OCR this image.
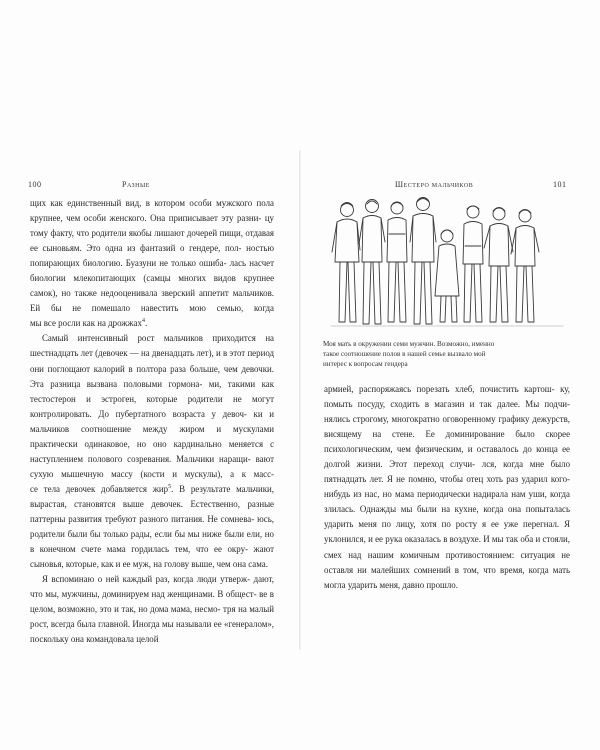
100	Разные

щих как единственный вид, в котором особи мужского пола крупнее, чем особи женского. Она приписывает эту разни- цу тому факту, что родители якобы лишают дочерей пищи, отдавая ее сыновьям. Это одна из фантазий о гендере, пол- ностью попирающих биологию. Буазуни не только ошиба- лась насчет биологии млекопитающих (самцы многих видов крупнее самок), но также недооценивала зверский аппетит мальчиков. Ей бы не помешало навестить мою семью, когда мы все росли как на дрожжах$^4$.

Самый интенсивный рост мальчиков приходится на шестнадцать лет (девочек — на двенадцать лет), и в этот период они поглощают калорий в полтора раза больше, чем девочки. Эта разница вызвана половыми гормона- ми, такими как тестостерон и эстроген, которые родители не могут контролировать. До пубертатного возраста у девоч- ки и мальчиков соотношение между жиром и мускулами практически одинаковое, но оно кардинально меняется с наступлением полового созревания. Мальчики наращи- вают сухую мышечную массу (кости и мускулы), а к масс- се тела девочек добавляется жир$^5$. В результате мальчики, вырастая, становятся выше девочек. Естественно, разные паттерны развития требуют разного питания. Не сомнева- юсь, родители были бы только рады, если бы мы ниже были ели, но в конечном счете мама гордилась тем, что ее окру- жают сыновья, которые, как и ее муж, на голову выше, чем она сама.

Я вспоминаю о ней каждый раз, когда люди утверж- дают, что мы, мужчины, доминируем над женщинами. В общест- ве в целом, возможно, это и так, но дома мама, несмо- тря на малый рост, всегда была главной. Иногда мы называли ее «генералом», поскольку она командовала целой

Шестеро мальчиков	101
Моя мать в окружении семи мужчин. Возможно, именно такое соотношение полов в нашей семье вызвало мой интерес к вопросам гендера

армией, распоряжаясь порезать хлеб, почистить картош- ку, помыть посуду, сходить в магазин и так далее. Мы подчи- нялись строгому, многократно оговоренному графику дежурств, висящему на стене. Ее доминирование было скорее психологическим, чем физическим, и оставалось до конца ее долгой жизни. Этот переход случи- лся, когда мне было пятнадцать лет. Я не помню, чтобы отец хоть раз ударил кого-нибудь из нас, но мама периодически надирала нам уши, когда злилась. Однажды мы были на кухне, когда она попыталась ударить меня по лицу, хотя по росту я ее уже перегнал. Я уклонился, и ее рука оказалась в воздухе. И мы так оба и стояли, смех над нашим комичным противостоянием: ситуация не оставля ни малейших сомнений в том, что время, когда мать могла ударить меня, давно прошло.
